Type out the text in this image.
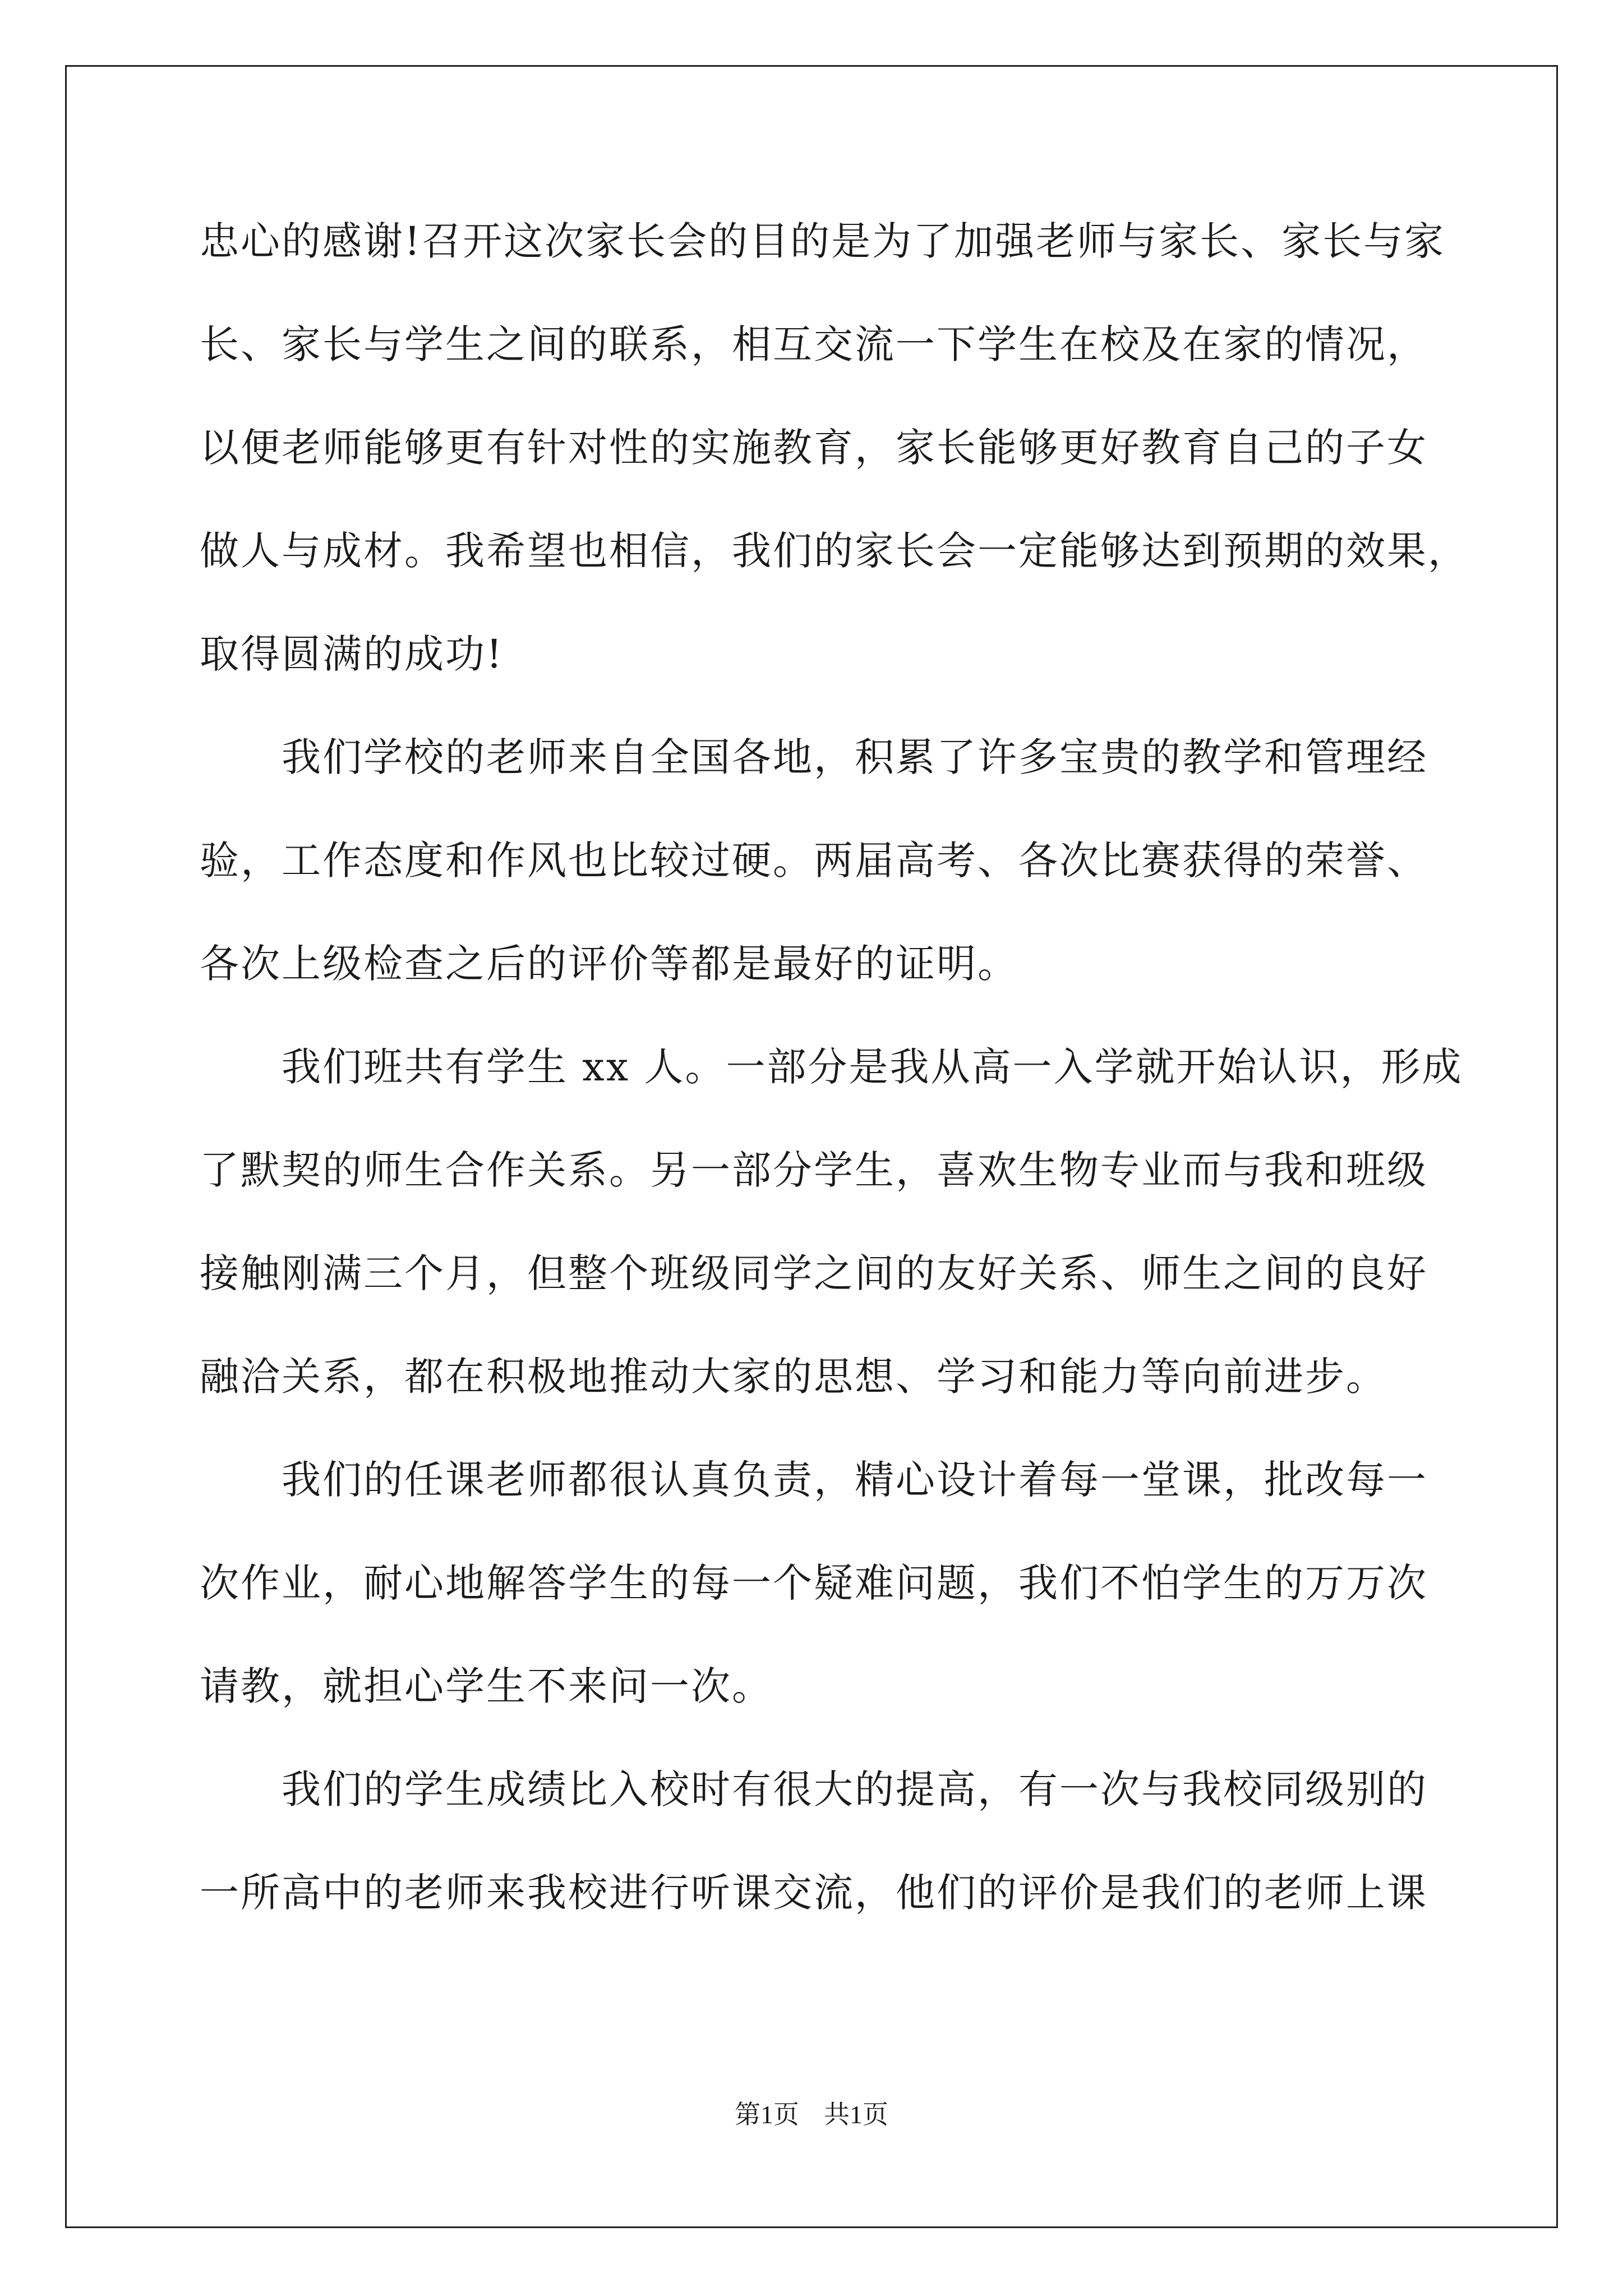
忠心的感谢!召开这次家长会的目的是为了加强老师与家长、家长与家
长、家长与学生之间的联系，相互交流一下学生在校及在家的情况，
以便老师能够更有针对性的实施教育，家长能够更好教育自己的子女
做人与成材。我希望也相信，我们的家长会一定能够达到预期的效果，
取得圆满的成功!
我们学校的老师来自全国各地，积累了许多宝贵的教学和管理经
验，工作态度和作风也比较过硬。两届高考、各次比赛获得的荣誉、
各次上级检查之后的评价等都是最好的证明。
我们班共有学生 xx 人。一部分是我从高一入学就开始认识，形成
了默契的师生合作关系。另一部分学生，喜欢生物专业而与我和班级
接触刚满三个月，但整个班级同学之间的友好关系、师生之间的良好
融洽关系，都在积极地推动大家的思想、学习和能力等向前进步。
我们的任课老师都很认真负责，精心设计着每一堂课，批改每一
次作业，耐心地解答学生的每一个疑难问题，我们不怕学生的万万次
请教，就担心学生不来问一次。
我们的学生成绩比入校时有很大的提高，有一次与我校同级别的
一所高中的老师来我校进行听课交流，他们的评价是我们的老师上课
第1页 共1页
